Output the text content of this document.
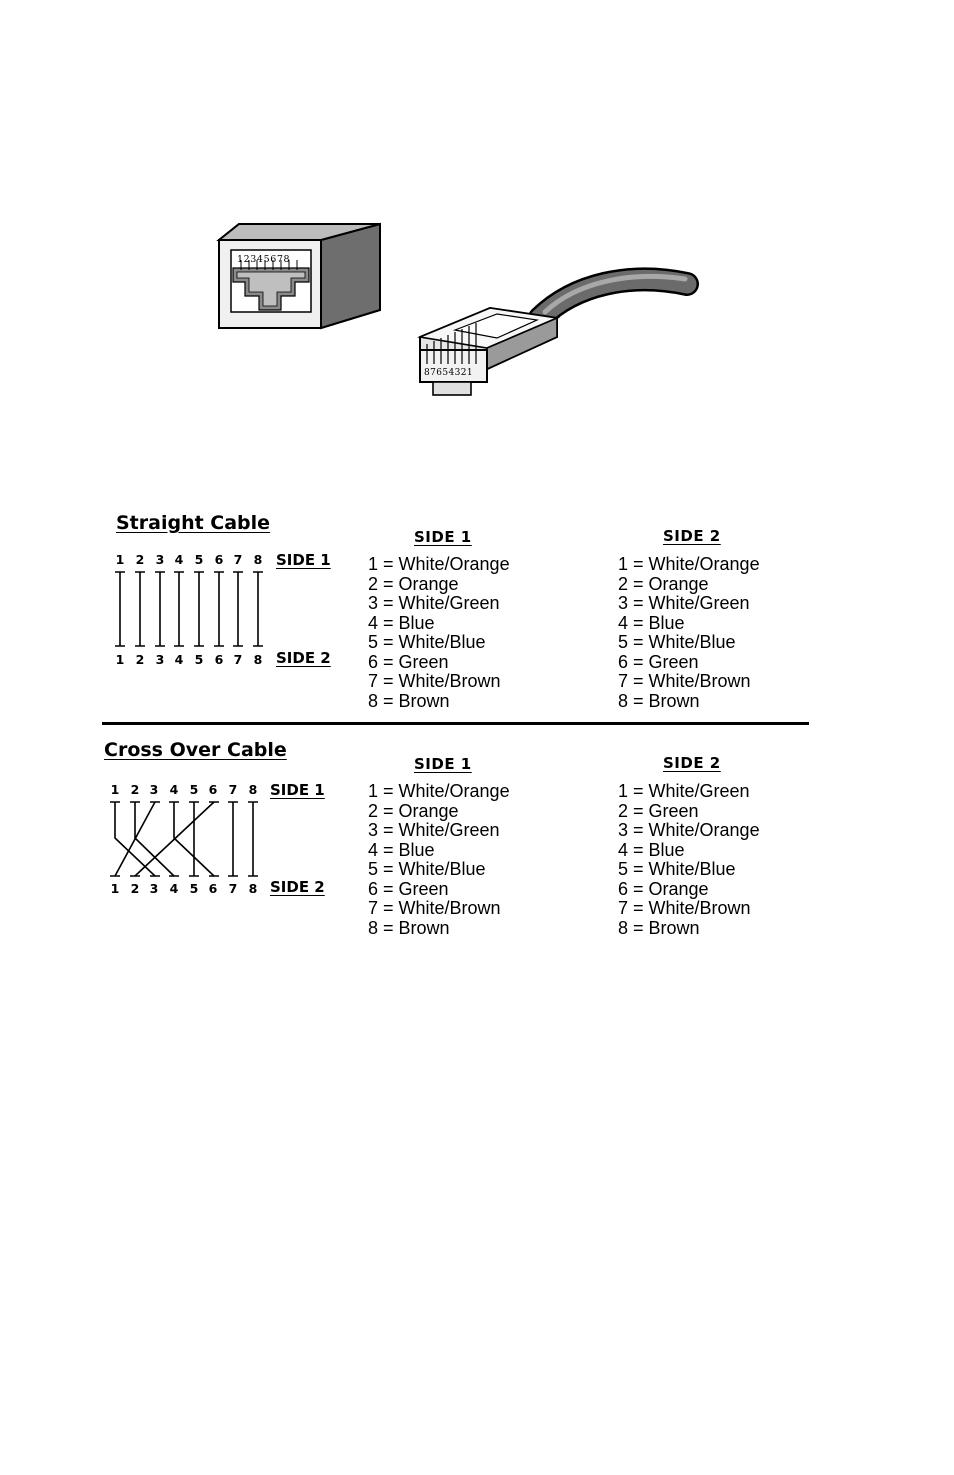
12345678
87654321
Straight Cable
1 2 3 4 5 6 7 8 SIDE 1
1 2 3 4 5 6 7 8 SIDE 2
SIDE 1	SIDE 2
1 = White/Orange
2 = Orange
3 = White/Green
4 = Blue
5 = White/Blue
6 = Green
7 = White/Brown
8 = Brown
1 = White/Orange
2 = Orange
3 = White/Green
4 = Blue
5 = White/Blue
6 = Green
7 = White/Brown
8 = Brown
Cross Over Cable
1 2 3 4 5 6 7 8 SIDE 1
1 2 3 4 5 6 7 8 SIDE 2
SIDE 1	SIDE 2
1 = White/Orange
2 = Orange
3 = White/Green
4 = Blue
5 = White/Blue
6 = Green
7 = White/Brown
8 = Brown
1 = White/Green
2 = Green
3 = White/Orange
4 = Blue
5 = White/Blue
6 = Orange
7 = White/Brown
8 = Brown
